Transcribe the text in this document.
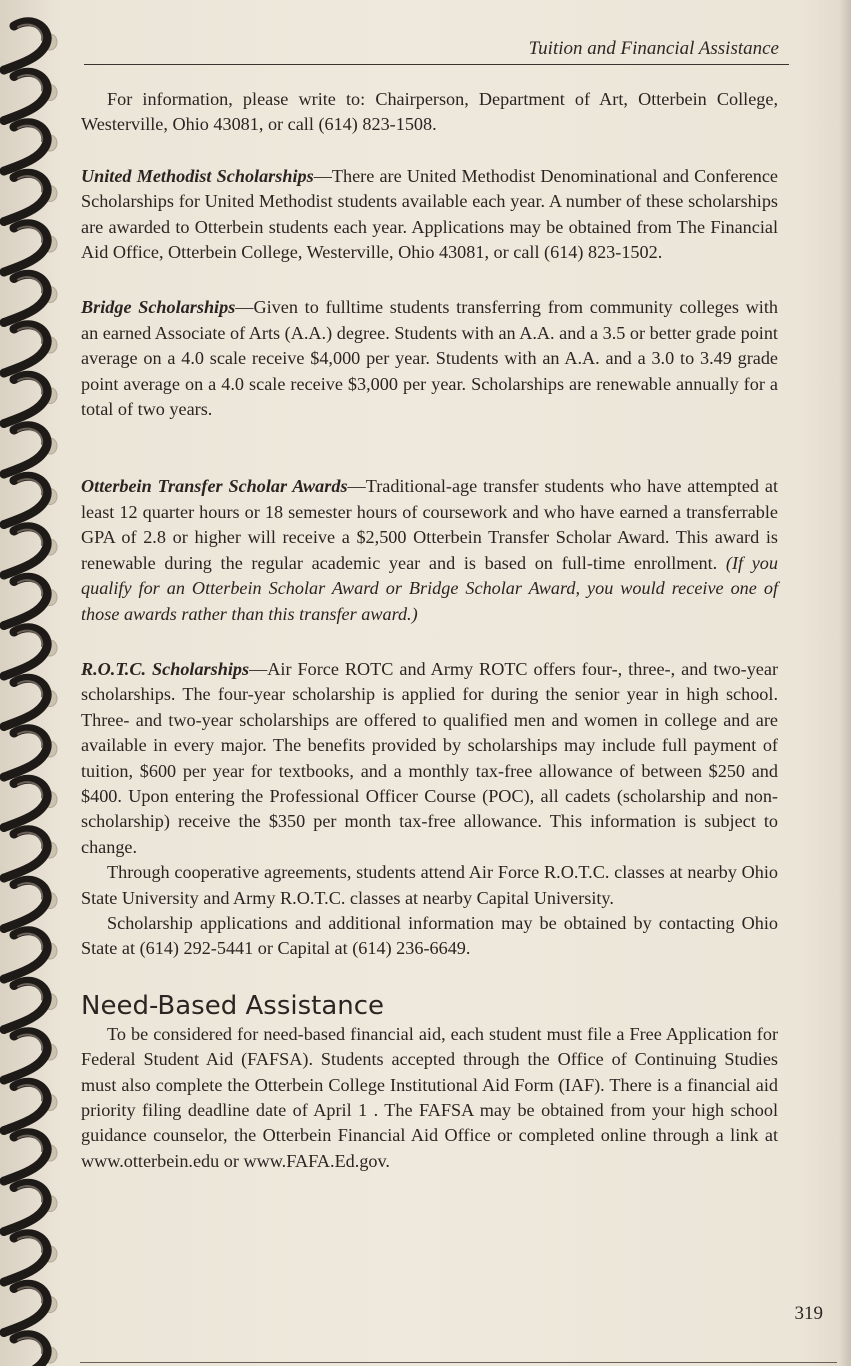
Tuition and Financial Assistance

For information, please write to: Chairperson, Department of Art, Otterbein College, Westerville, Ohio 43081, or call (614) 823-1508.

United Methodist Scholarships—There are United Methodist Denominational and Conference Scholarships for United Methodist students available each year. A number of these scholarships are awarded to Otterbein students each year. Applications may be obtained from The Financial Aid Office, Otterbein College, Westerville, Ohio 43081, or call (614) 823-1502.

Bridge Scholarships—Given to fulltime students transferring from community colleges with an earned Associate of Arts (A.A.) degree. Students with an A.A. and a 3.5 or better grade point average on a 4.0 scale receive $4,000 per year. Students with an A.A. and a 3.0 to 3.49 grade point average on a 4.0 scale receive $3,000 per year. Scholarships are renewable annually for a total of two years.

Otterbein Transfer Scholar Awards—Traditional-age transfer students who have attempted at least 12 quarter hours or 18 semester hours of coursework and who have earned a transferrable GPA of 2.8 or higher will receive a $2,500 Otterbein Transfer Scholar Award. This award is renewable during the regular academic year and is based on full-time enrollment. (If you qualify for an Otterbein Scholar Award or Bridge Scholar Award, you would receive one of those awards rather than this transfer award.)

R.O.T.C. Scholarships—Air Force ROTC and Army ROTC offers four-, three-, and two-year scholarships. The four-year scholarship is applied for during the senior year in high school. Three- and two-year scholarships are offered to qualified men and women in college and are available in every major. The benefits provided by scholarships may include full payment of tuition, $600 per year for textbooks, and a monthly tax-free allowance of between $250 and $400. Upon entering the Professional Officer Course (POC), all cadets (scholarship and non-scholarship) receive the $350 per month tax-free allowance. This information is subject to change.

Through cooperative agreements, students attend Air Force R.O.T.C. classes at nearby Ohio State University and Army R.O.T.C. classes at nearby Capital University.

Scholarship applications and additional information may be obtained by contacting Ohio State at (614) 292-5441 or Capital at (614) 236-6649.

Need-Based Assistance

To be considered for need-based financial aid, each student must file a Free Application for Federal Student Aid (FAFSA). Students accepted through the Office of Continuing Studies must also complete the Otterbein College Institutional Aid Form (IAF). There is a financial aid priority filing deadline date of April 1 . The FAFSA may be obtained from your high school guidance counselor, the Otterbein Financial Aid Office or completed online through a link at www.otterbein.edu or www.FAFA.Ed.gov.

319
